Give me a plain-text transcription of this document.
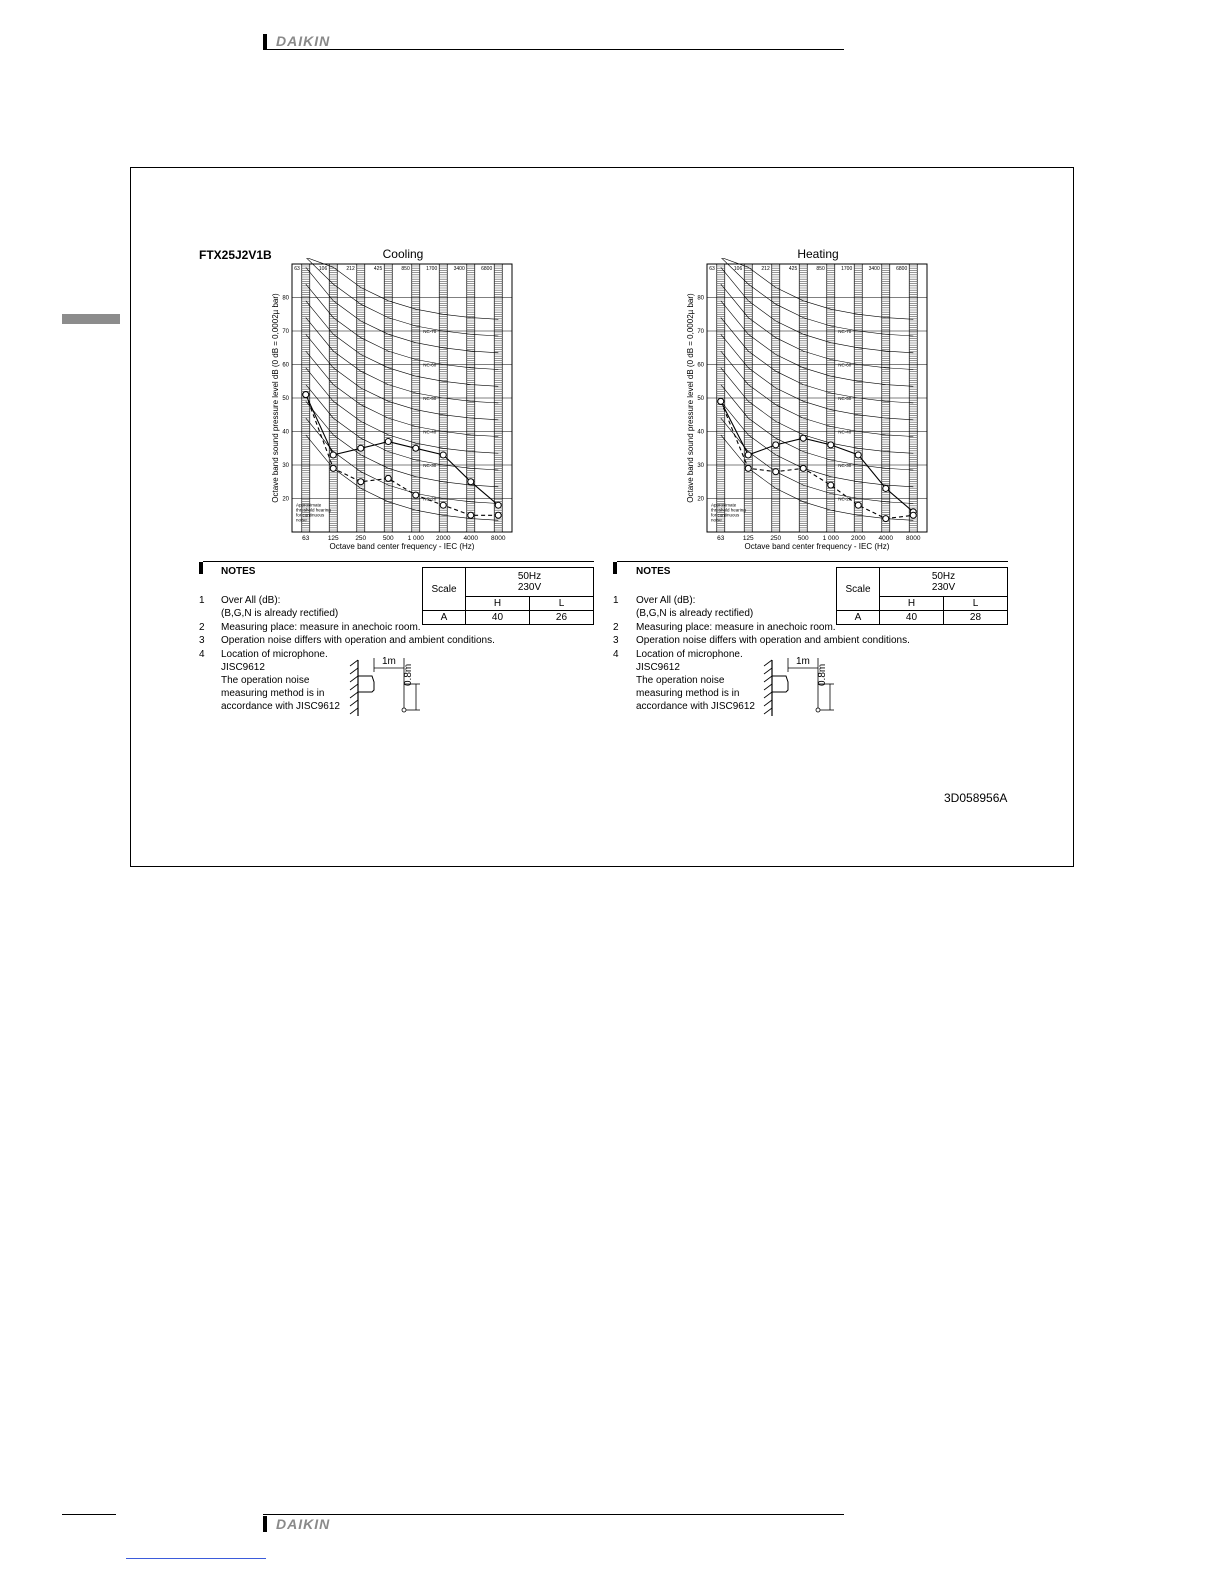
DAIKIN
FTX25J2V1B	Cooling	Heating
63	106	212	425	850	1700	3400	6800
20
30
40
50
60
70
80
NC-70
NC-60
NC-50
NC-40
NC-30
NC-20
Approximate
threshold hearing
for continuous
noise
63	125	250	500 1 000 2000 4000 8000
Octave band center frequency - IEC (Hz)
Octave band sound pressure level dB (0 dB = 0,0002µ bar)
63	106	212	425	850	1700	3400	6800
20
30
40
50
60
70
80
NC-70
NC-60
NC-50
NC-40
NC-30
NC-20
Approximate
threshold hearing
for continuous
noise
63	125	250	500 1 000 2000 4000 8000
Octave band center frequency - IEC (Hz)
Octave band sound pressure level dB (0 dB = 0,0002µ bar)
NOTES
1 Over All (dB):
(B,G,N is already rectified)
2 Measuring place: measure in anechoic room.
3 Operation noise differs with operation and ambient conditions.
4 Location of microphone.
JISC9612
The operation noise
measuring method is in
accordance with JISC9612
Scale	50Hz
230V	

	H	L
A	40	26
1m
0.8m
NOTES
1 Over All (dB):
(B,G,N is already rectified)
2 Measuring place: measure in anechoic room.
3 Operation noise differs with operation and ambient conditions.
4 Location of microphone.
JISC9612
The operation noise
measuring method is in
accordance with JISC9612
Scale	50Hz
230V	

	H	L
A	40	28
1m
0.8m
3D058956A
DAIKIN
